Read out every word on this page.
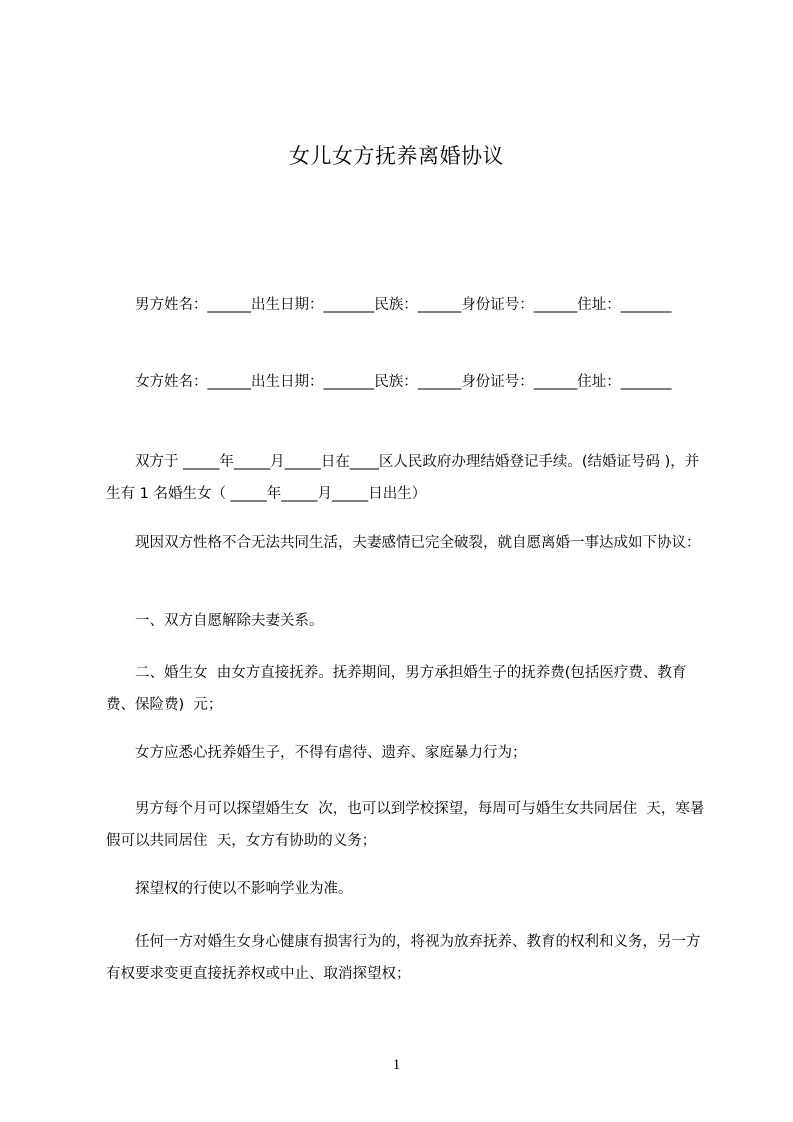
女儿女方抚养离婚协议

男方姓名：______出生日期：_______民族：______身份证号：______住址：_______

女方姓名：______出生日期：_______民族：______身份证号：______住址：_______

双方于 _____年_____月_____日在____区人民政府办理结婚登记手续。(结婚证号码 )，并生有 1 名婚生女（ _____年_____月_____日出生）

现因双方性格不合无法共同生活，夫妻感情已完全破裂，就自愿离婚一事达成如下协议：

一、双方自愿解除夫妻关系。

二、婚生女  由女方直接抚养。抚养期间，男方承担婚生子的抚养费(包括医疗费、教育费、保险费)  元；

女方应悉心抚养婚生子，不得有虐待、遗弃、家庭暴力行为；

男方每个月可以探望婚生女  次，也可以到学校探望，每周可与婚生女共同居住  天，寒暑假可以共同居住  天，女方有协助的义务；

探望权的行使以不影响学业为准。

任何一方对婚生女身心健康有损害行为的，将视为放弃抚养、教育的权利和义务，另一方有权要求变更直接抚养权或中止、取消探望权；

1
